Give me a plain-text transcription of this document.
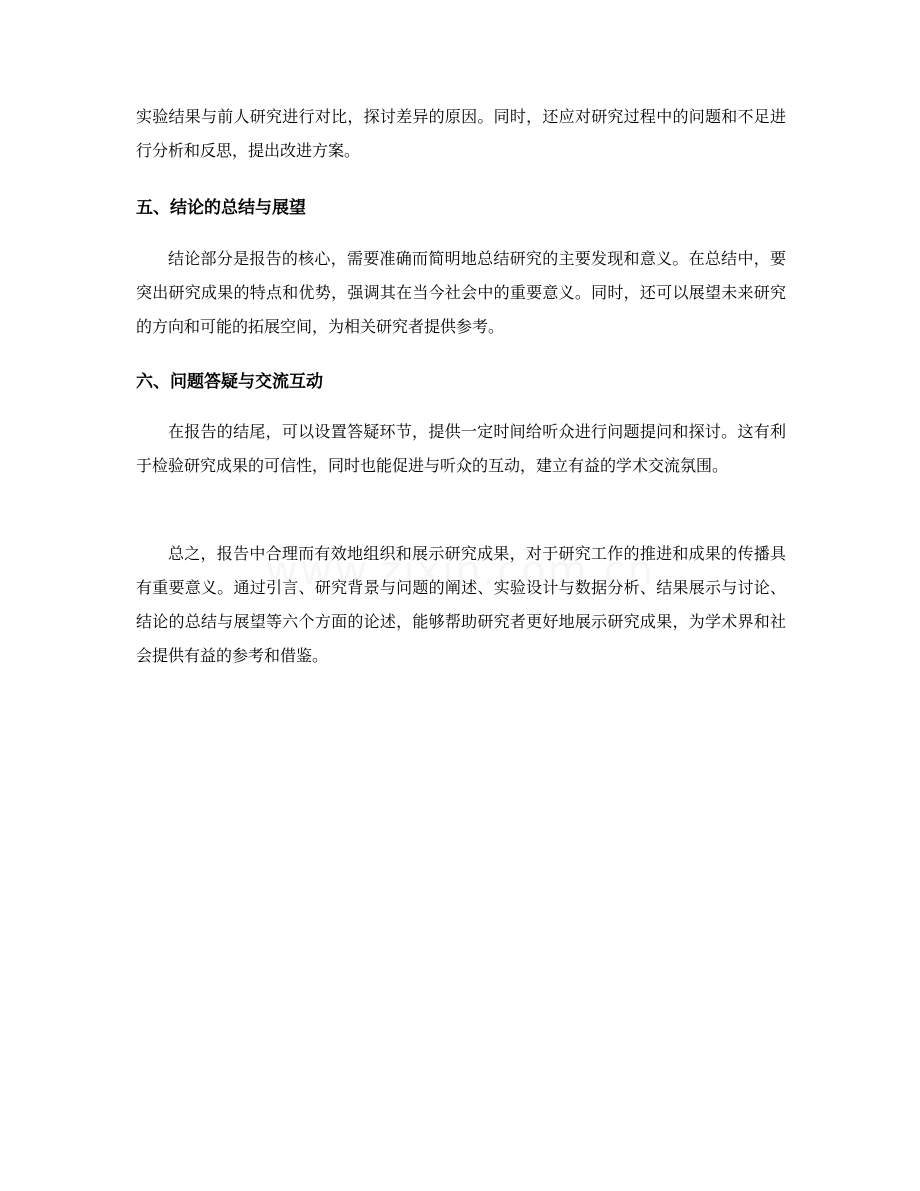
实验结果与前人研究进行对比，探讨差异的原因。同时，还应对研究过程中的问题和不足进行分析和反思，提出改进方案。

五、结论的总结与展望

结论部分是报告的核心，需要准确而简明地总结研究的主要发现和意义。在总结中，要突出研究成果的特点和优势，强调其在当今社会中的重要意义。同时，还可以展望未来研究的方向和可能的拓展空间，为相关研究者提供参考。

六、问题答疑与交流互动

在报告的结尾，可以设置答疑环节，提供一定时间给听众进行问题提问和探讨。这有利于检验研究成果的可信性，同时也能促进与听众的互动，建立有益的学术交流氛围。

总之，报告中合理而有效地组织和展示研究成果，对于研究工作的推进和成果的传播具有重要意义。通过引言、研究背景与问题的阐述、实验设计与数据分析、结果展示与讨论、结论的总结与展望等六个方面的论述，能够帮助研究者更好地展示研究成果，为学术界和社会提供有益的参考和借鉴。
